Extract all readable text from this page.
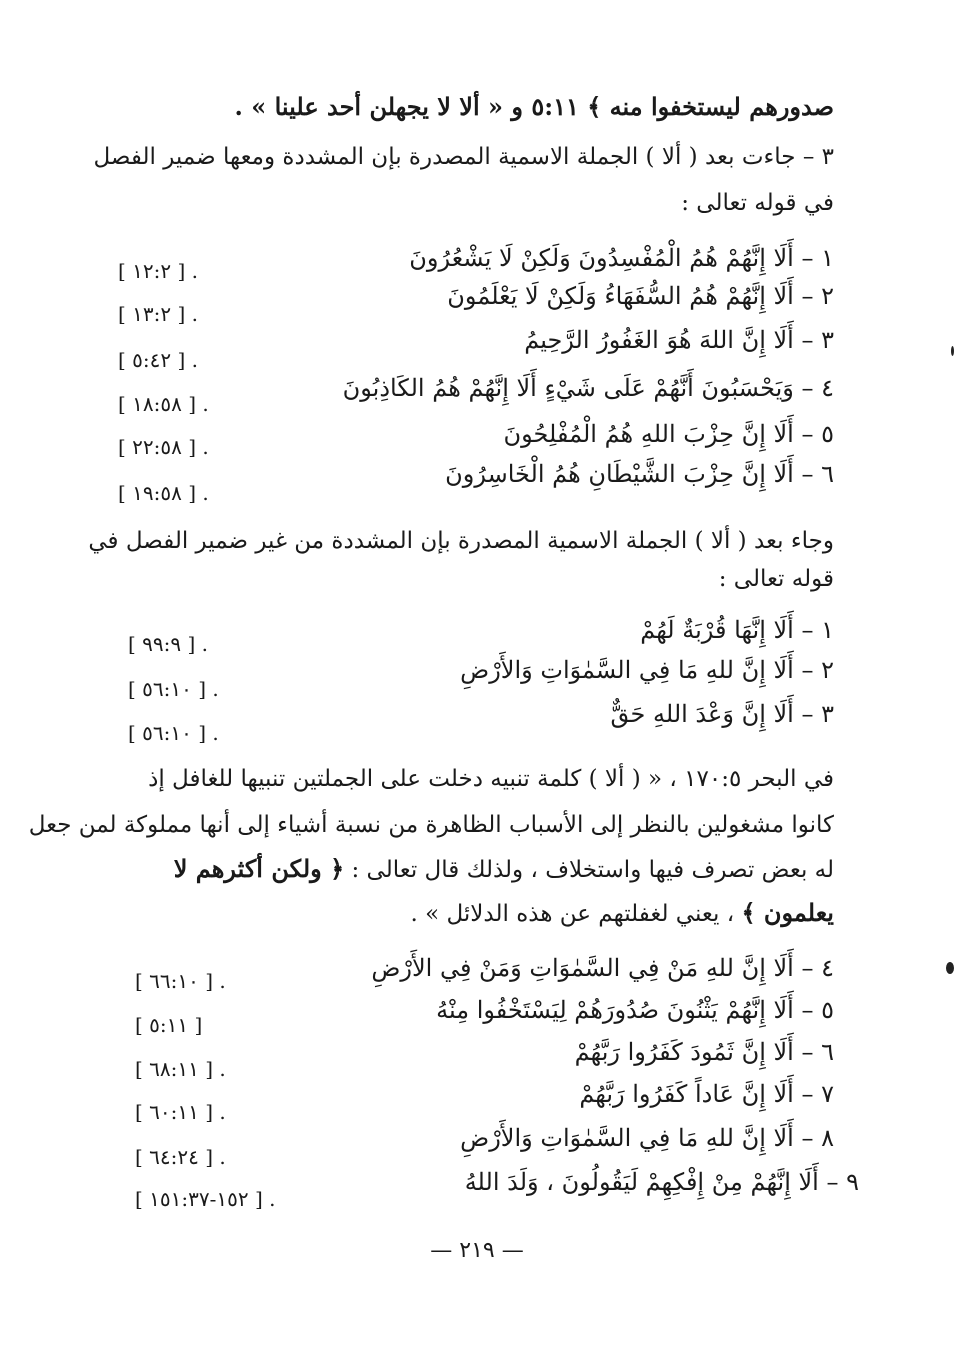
صدورهم ليستخفوا منه ﴾ ٥:١١ و « ألا لا يجهلن أحد علينا » .
٣ – جاءت بعد ( ألا ) الجملة الاسمية المصدرة بإن المشددة ومعها ضمير الفصل
في قوله تعالى :
١ – أَلَا إِنَّهُمْ هُمُ الْمُفْسِدُونَ وَلَكِنْ لَا يَشْعُرُونَ
. [ ١٢:٢ ]
٢ – أَلَا إِنَّهُمْ هُمُ السُّفَهَاءُ وَلَكِنْ لَا يَعْلَمُونَ
. [ ١٣:٢ ]
٣ – أَلَا إِنَّ اللهَ هُوَ الغَفُورُ الرَّحِيمُ
. [ ٥:٤٢ ]
٤ – وَيَحْسَبُونَ أَنَّهُمْ عَلَى شَيْءٍ أَلَا إِنَّهُمْ هُمُ الكَاذِبُونَ
. [ ١٨:٥٨ ]
٥ – أَلَا إِنَّ حِزْبَ اللهِ هُمُ الْمُفْلِحُونَ
. [ ٢٢:٥٨ ]
٦ – أَلَا إِنَّ حِزْبَ الشَّيْطَانِ هُمُ الْخَاسِرُونَ
. [ ١٩:٥٨ ]
وجاء بعد ( ألا ) الجملة الاسمية المصدرة بإن المشددة من غير ضمير الفصل في
قوله تعالى :
١ – أَلَا إِنَّهَا قُرْبَةٌ لَهُمْ
. [ ٩٩:٩ ]
٢ – أَلَا إِنَّ للهِ مَا فِي السَّمٰوَاتِ وَالأَرْضِ
. [ ٥٦:١٠ ]
٣ – أَلَا إِنَّ وَعْدَ اللهِ حَقٌّ
. [ ٥٦:١٠ ]
في البحر ١٧٠:٥ ، « ( ألا ) كلمة تنبيه دخلت على الجملتين تنبيها للغافل إذ
كانوا مشغولين بالنظر إلى الأسباب الظاهرة من نسبة أشياء إلى أنها مملوكة لمن جعل
له بعض تصرف فيها واستخلاف ، ولذلك قال تعالى : ﴿ ولكن أكثرهم لا
يعلمون ﴾ ، يعني لغفلتهم عن هذه الدلائل » .
٤ – أَلَا إِنَّ للهِ مَنْ فِي السَّمٰوَاتِ وَمَنْ فِي الأَرْضِ
. [ ٦٦:١٠ ]
٥ – أَلَا إِنَّهُمْ يَثْنُونَ صُدُورَهُمْ لِيَسْتَخْفُوا مِنْهُ
[ ٥:١١ ]
٦ – أَلَا إِنَّ ثَمُودَ كَفَرُوا رَبَّهُمْ
. [ ٦٨:١١ ]
٧ – أَلَا إِنَّ عَاداً كَفَرُوا رَبَّهُمْ
. [ ٦٠:١١ ]
٨ – أَلَا إِنَّ للهِ مَا فِي السَّمٰوَاتِ وَالأَرْضِ
. [ ٦٤:٢٤ ]
٩ – أَلَا إِنَّهُمْ مِنْ إِفْكِهِمْ لَيَقُولُونَ ، وَلَدَ اللهُ
. [ ١٥٢-١٥١:٣٧ ]
— ٢١٩ —
